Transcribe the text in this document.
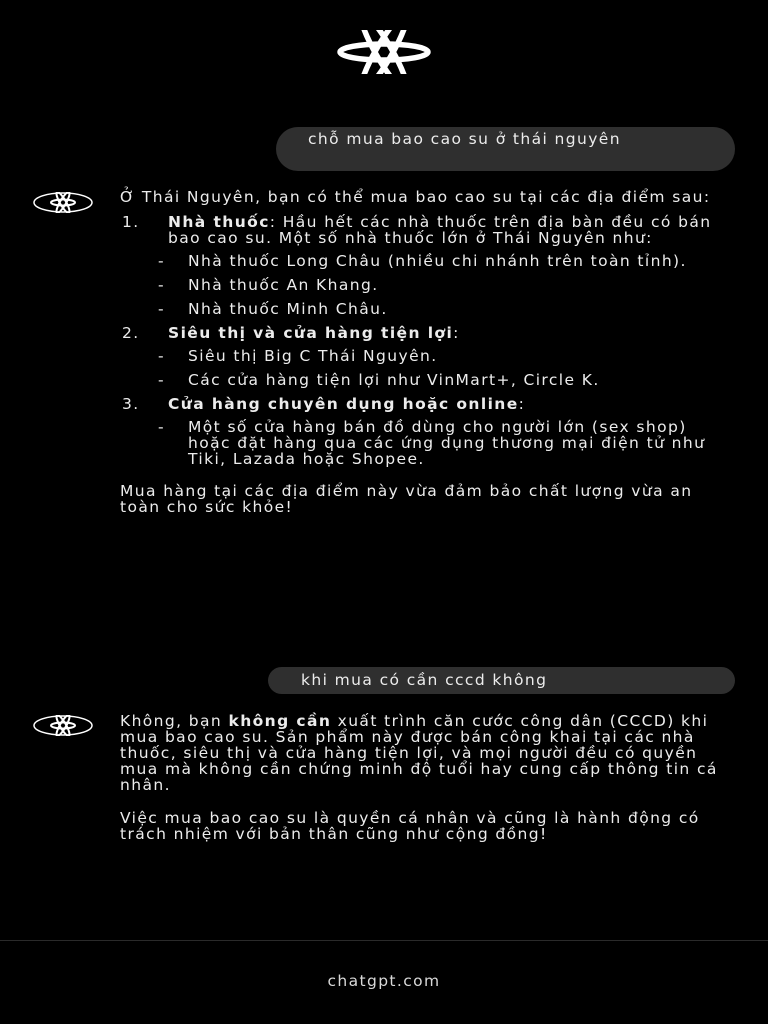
chỗ mua bao cao su ở thái nguyên

Ở Thái Nguyên, bạn có thể mua bao cao su tại các địa điểm sau:

1. Nhà thuốc: Hầu hết các nhà thuốc trên địa bàn đều có bán bao cao su. Một số nhà thuốc lớn ở Thái Nguyên như:
- Nhà thuốc Long Châu (nhiều chi nhánh trên toàn tỉnh).
- Nhà thuốc An Khang.
- Nhà thuốc Minh Châu.
2. Siêu thị và cửa hàng tiện lợi:
- Siêu thị Big C Thái Nguyên.
- Các cửa hàng tiện lợi như VinMart+, Circle K.
3. Cửa hàng chuyên dụng hoặc online:
- Một số cửa hàng bán đồ dùng cho người lớn (sex shop) hoặc đặt hàng qua các ứng dụng thương mại điện tử như Tiki, Lazada hoặc Shopee.

Mua hàng tại các địa điểm này vừa đảm bảo chất lượng vừa an toàn cho sức khỏe!

khi mua có cần cccd không

Không, bạn không cần xuất trình căn cước công dân (CCCD) khi mua bao cao su. Sản phẩm này được bán công khai tại các nhà thuốc, siêu thị và cửa hàng tiện lợi, và mọi người đều có quyền mua mà không cần chứng minh độ tuổi hay cung cấp thông tin cá nhân.

Việc mua bao cao su là quyền cá nhân và cũng là hành động có trách nhiệm với bản thân cũng như cộng đồng!

chatgpt.com
